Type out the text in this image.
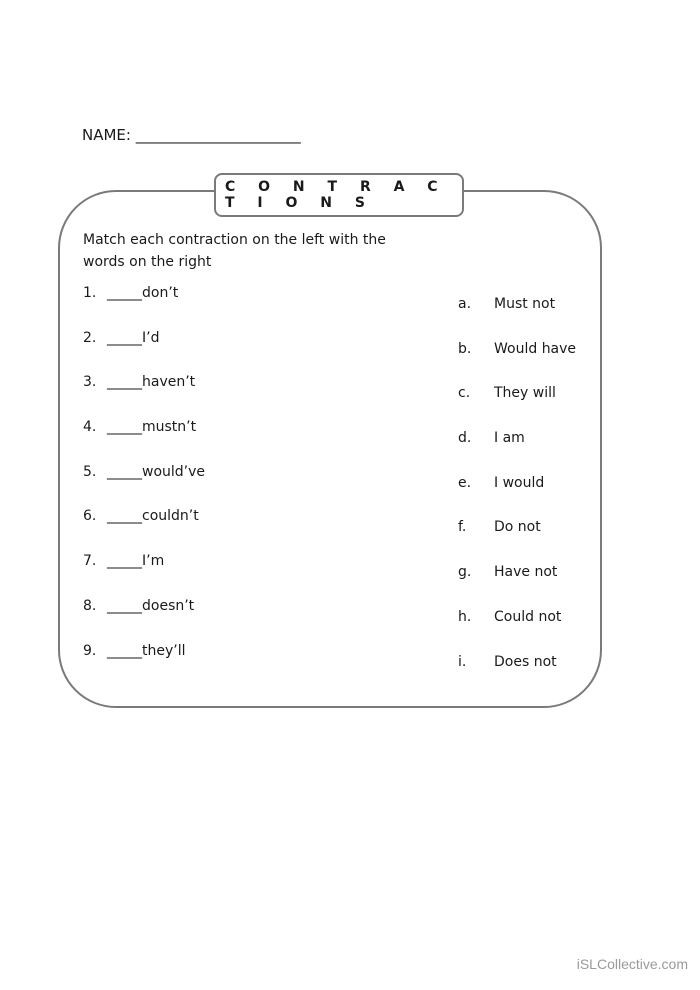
NAME: ______________________
C O N T R A C T I O N S
Match each contraction on the left with the words on the right
1. _____don’t
2. _____I’d
3. _____haven’t
4. _____mustn’t
5. _____would’ve
6. _____couldn’t
7. _____I’m
8. _____doesn’t
9. _____they’ll
a. Must not
b. Would have
c. They will
d. I am
e. I would
f. Do not
g. Have not
h. Could not
i. Does not
iSLCollective.com
